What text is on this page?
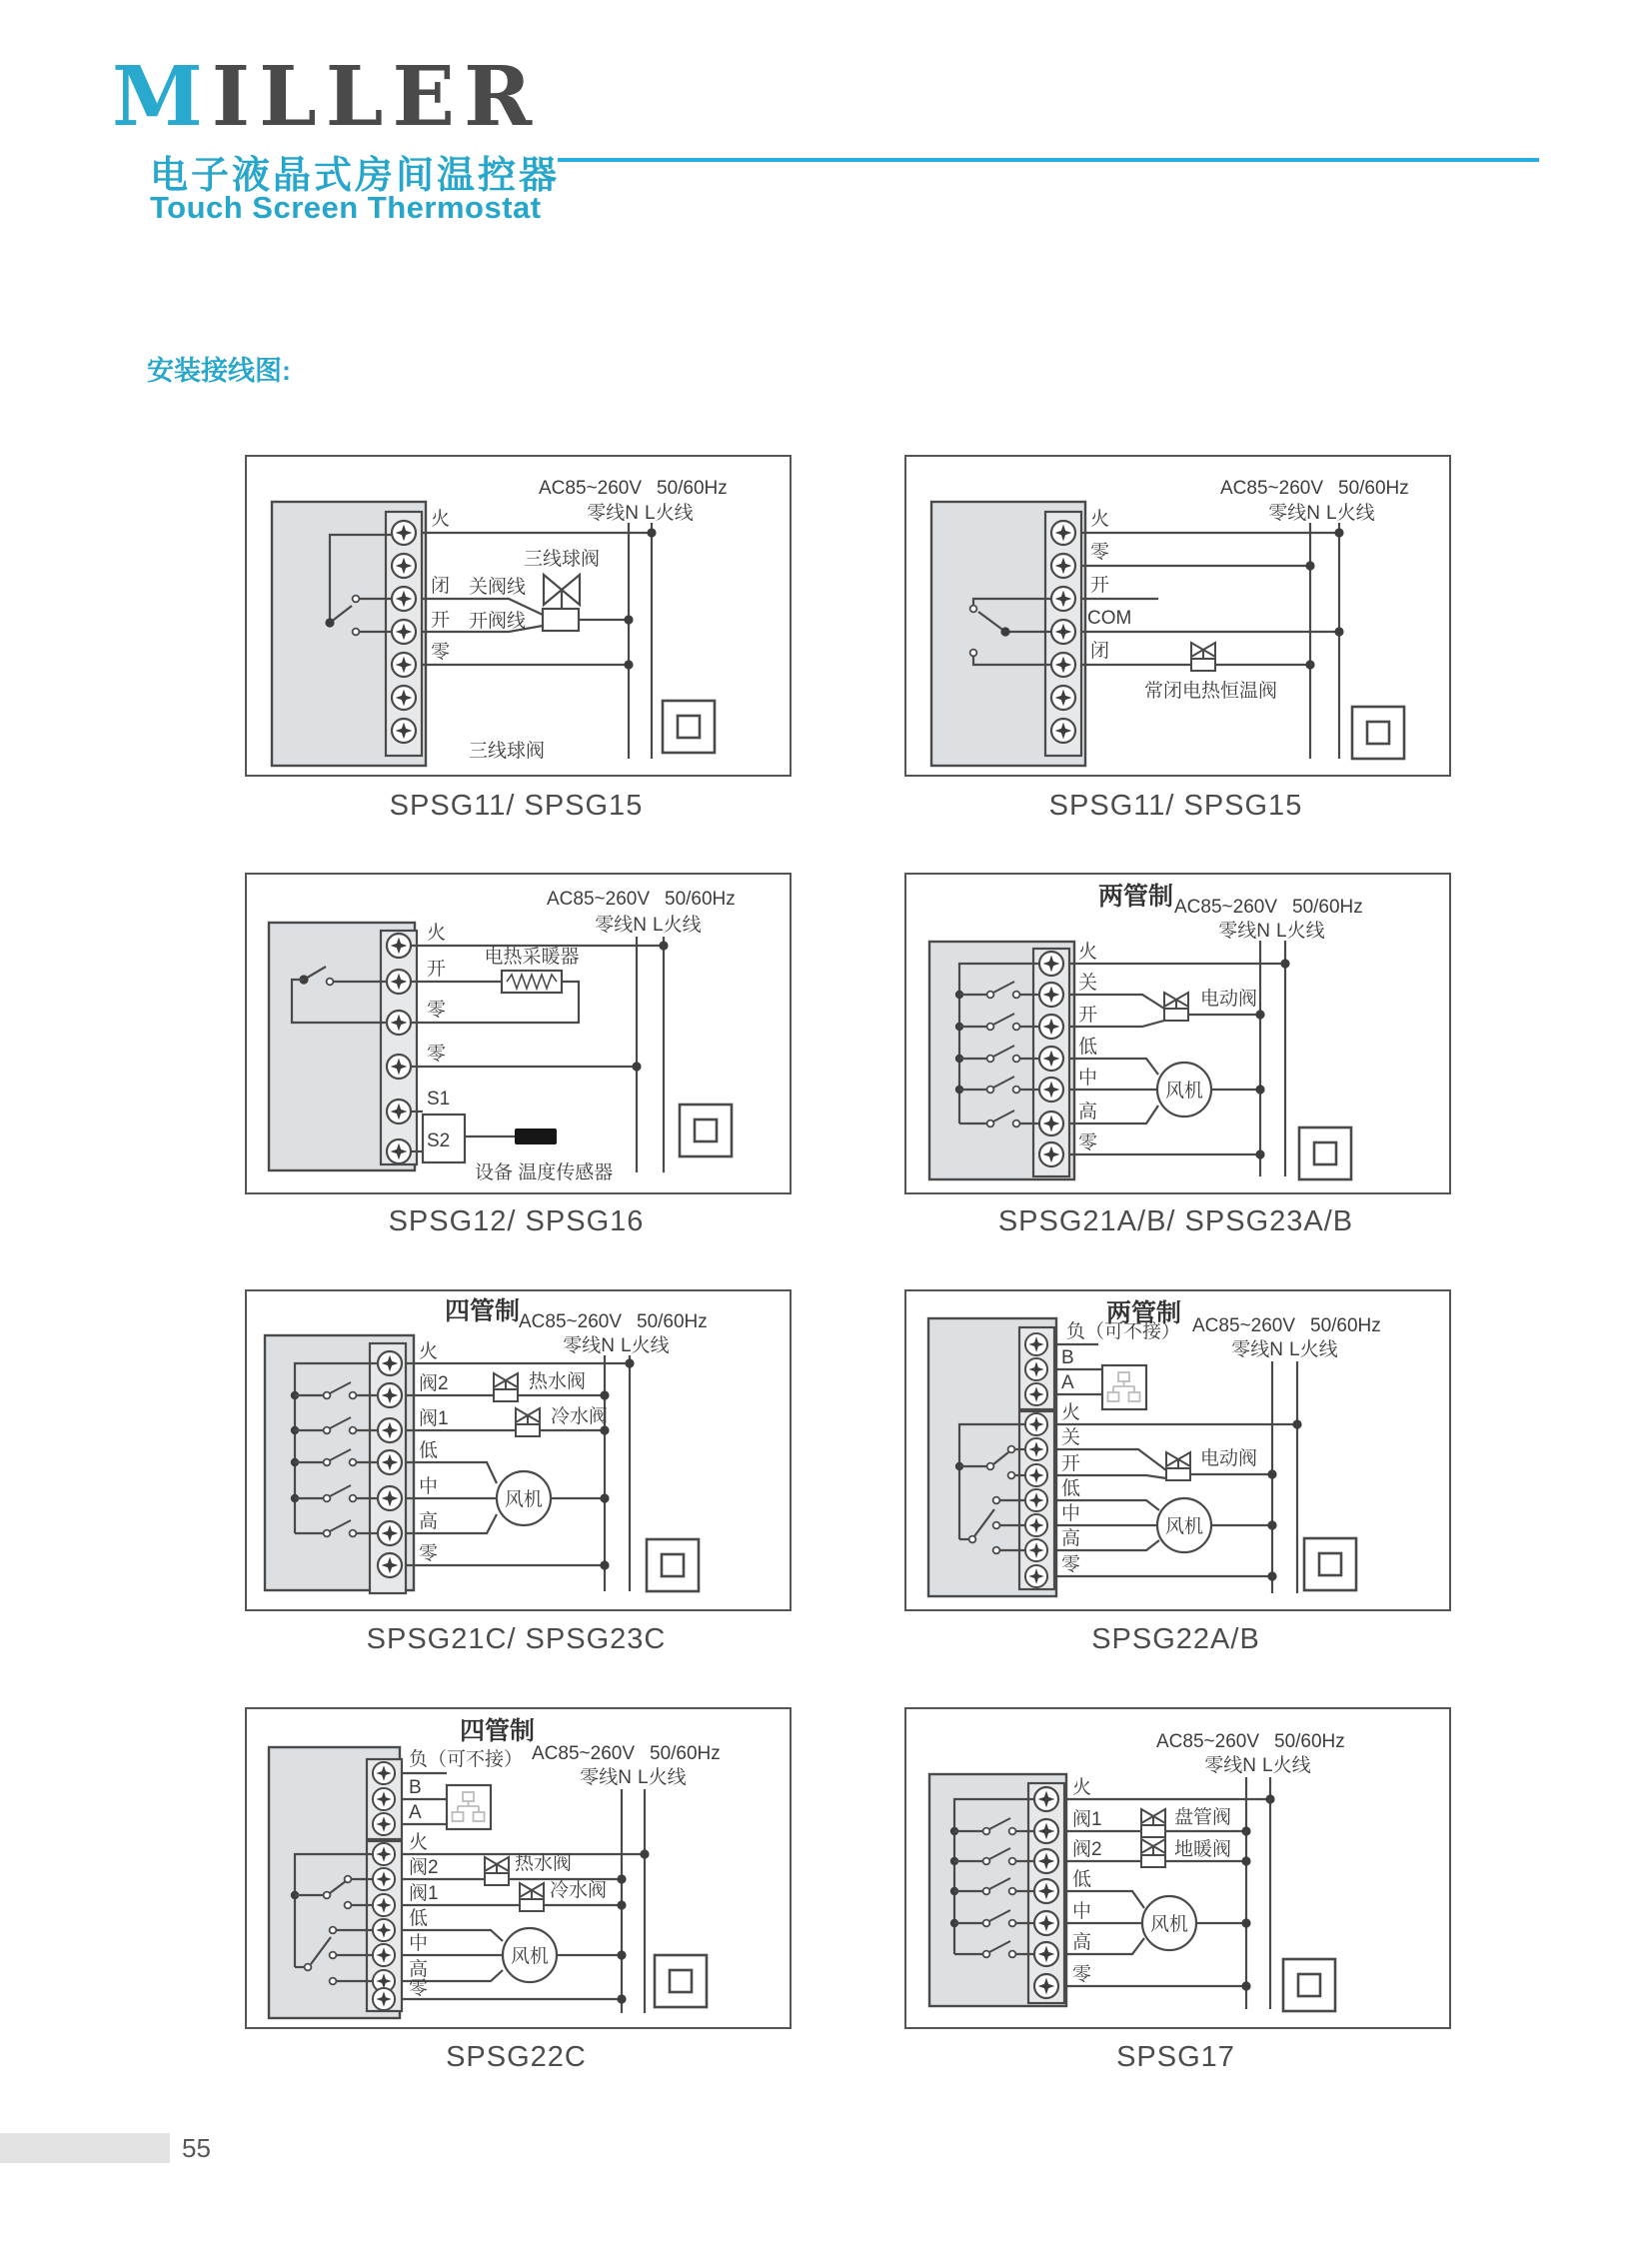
MILLER
电子液晶式房间温控器
Touch Screen Thermostat
安装接线图:
AC85~260V 50/60Hz
零线N L火线
火
闭
开
零
三线球阀
关阀线
开阀线
三线球阀
SPSG11/ SPSG15
AC85~260V 50/60Hz
零线N L火线
火
零
开
COM
闭
常闭电热恒温阀
SPSG11/ SPSG15
AC85~260V 50/60Hz
零线N L火线
火
开
零
零
S1
S2
电热采暖器
设备 温度传感器
SPSG12/ SPSG16
两管制 AC85~260V 50/60Hz
零线N L火线
风机
火
关
开
低
中
高
零
电动阀
SPSG21A/B/ SPSG23A/B
四管制
AC85~260V 50/60Hz
零线N L火线
风机
火
阀2
阀1
低
中
高
零
热水阀
冷水阀
SPSG21C/ SPSG23C
两管制 AC85~260V 50/60Hz
零线N L火线
风机
负（可不接）
B
A
火
关
开
低
中
高
零
电动阀
SPSG22A/B
四管制
AC85~260V 50/60Hz
零线N L火线
风机
负（可不接）
B
A
火
阀2
阀1
低
中
高
零
热水阀
冷水阀
SPSG22C
AC85~260V 50/60Hz
零线N L火线
风机
火
阀1
阀2
低
中
高
零
盘管阀
地暖阀
SPSG17
55
